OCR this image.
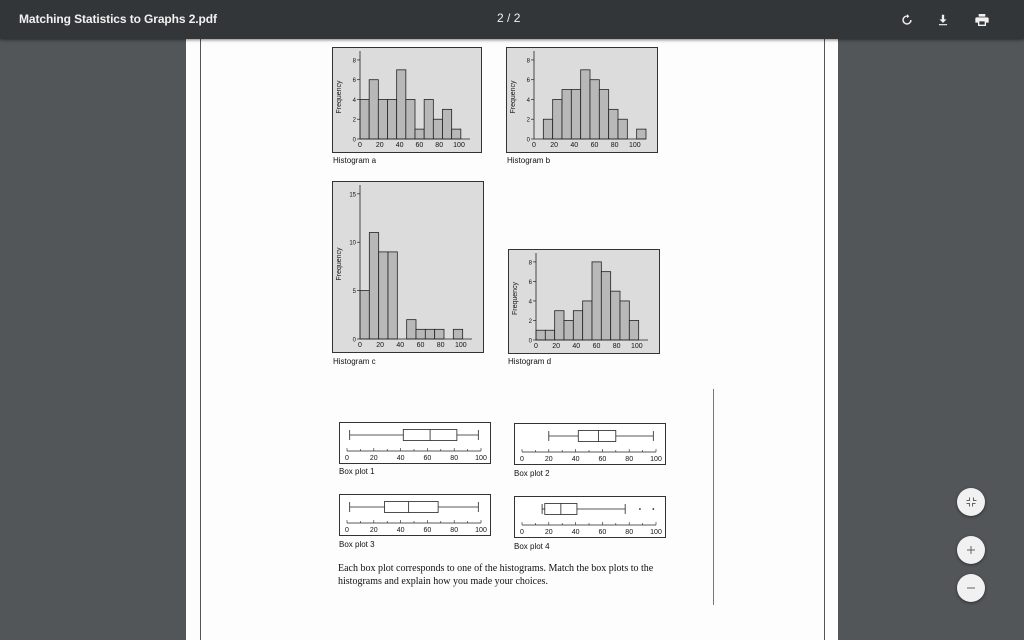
Matching Statistics to Graphs 2.pdf	2 / 2
0
2
4
6
8
0 20 40 60 80 100
Frequency
Histogram a
0
2
4
6
8
0 20 40 60 80 100
Frequency
Histogram b
0
5
10
15
0 20 40 60 80 100
Frequency
Histogram c
0
2
4
6
8
0 20 40 60 80 100
Frequency
Histogram d
0	20	40	60	80 100
Box plot 1
0	20	40	60	80 100
Box plot 2
0	20	40	60	80 100
Box plot 3
0	20	40	60	80 100
Box plot 4
Each box plot corresponds to one of the histograms. Match the box plots to the histograms and explain how you made your choices.
